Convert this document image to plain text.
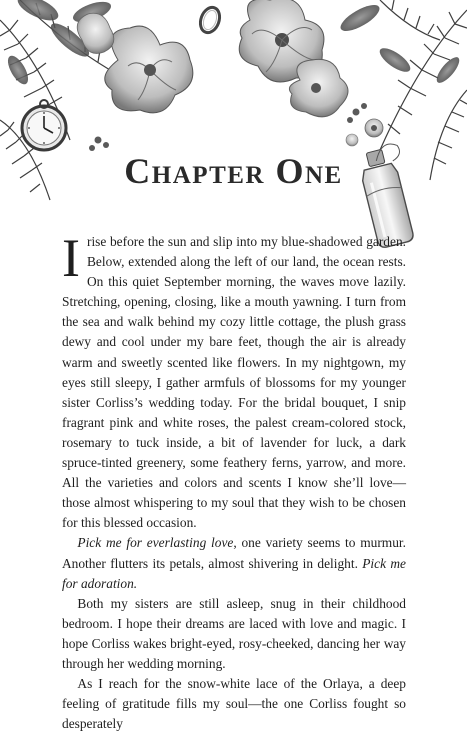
Chapter One

Irise before the sun and slip into my blue-shadowed garden. Below, extended along the left of our land, the ocean rests. On this quiet September morning, the waves move lazily. Stretching, opening, closing, like a mouth yawning. I turn from the sea and walk behind my cozy little cottage, the plush grass dewy and cool under my bare feet, though the air is already warm and sweetly scented like flowers. In my nightgown, my eyes still sleepy, I gather armfuls of blossoms for my younger sister Corliss’s wedding today. For the bridal bouquet, I snip fragrant pink and white roses, the palest cream-colored stock, rosemary to tuck inside, a bit of lavender for luck, a dark spruce-tinted greenery, some feathery ferns, yarrow, and more. All the varieties and colors and scents I know she’ll love—those almost whispering to my soul that they wish to be chosen for this blessed occasion.

Pick me for everlasting love, one variety seems to murmur. Another flutters its petals, almost shivering in delight. Pick me for adoration.

Both my sisters are still asleep, snug in their childhood bedroom. I hope their dreams are laced with love and magic. I hope Corliss wakes bright-eyed, rosy-cheeked, dancing her way through her wedding morning.

As I reach for the snow-white lace of the Orlaya, a deep feeling of gratitude fills my soul—the one Corliss fought so desperately
